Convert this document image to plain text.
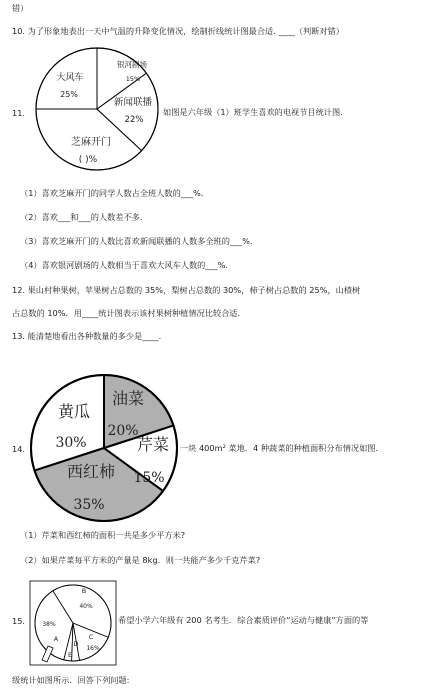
错）
10. 为了形象地表出一天中气温的升降变化情况，绘制折线统计图最合适. ____（判断对错）
11.
银河剧场
15%
新闻联播
22%
芝麻开门
( )%
大风车
25%
如图是六年级（1）班学生喜欢的电视节目统计图．
（1）喜欢芝麻开门的同学人数占全班人数的___%．
（2）喜欢___和___的人数差不多．
（3）喜欢芝麻开门的人数比喜欢新闻联播的人数多全班的___%．
（4）喜欢银河剧场的人数相当于喜欢大风车人数的___%．
12. 果山村种果树，苹果树占总数的 35%，梨树占总数的 30%，柿子树占总数的 25%，山楂树
占总数的 10%．用____统计图表示该村果树种植情况比较合适．
13. 能清楚地看出各种数量的多少是____.
14.
油菜
20%
芹菜
15%
西红柿
35%
黄瓜
30%	一块 400m² 菜地．4 种蔬菜的种植面积分布情况如图．
（1）芹菜和西红柿的面积一共是多少平方米?
（2）如果芹菜每平方米的产量是 8kg．则一共能产多少千克芹菜?
15.
B
40%
C
16%
D
E
A
38%	希望小学六年级有 200 名考生．综合素质评价“运动与健康”方面的等
级统计如图所示．回答下列问题:
